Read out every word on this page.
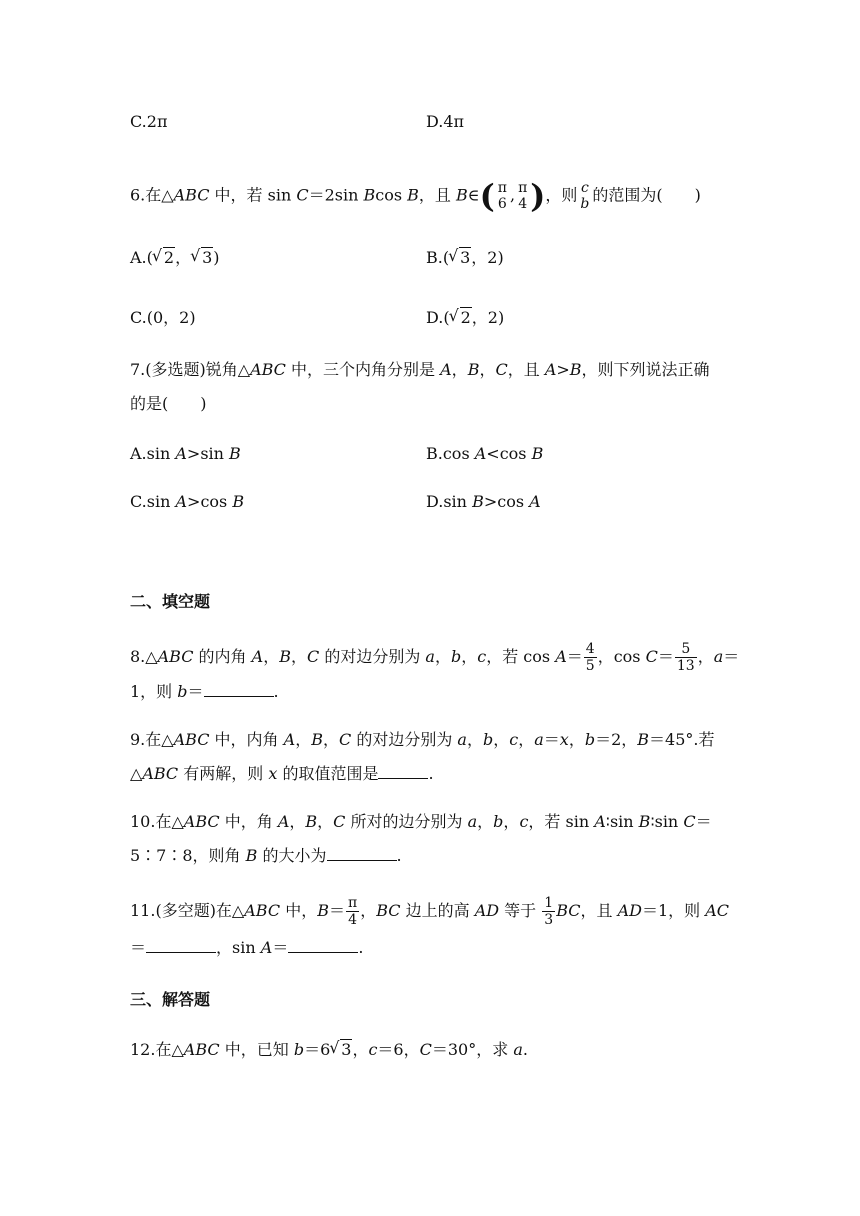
C.2π	D.4π
6.在△ABC 中，若 sin C＝2sin Bcos B，且 B∈( π
6 , π
4 )，则 c
b 的范围为( )
A.( √ 2， √ 3)	B.( √ 3，2)
C.(0，2)	D.( √ 2，2)
7.(多选题)锐角△ABC 中，三个内角分别是 A，B，C，且 A>B，则下列说法正确
的是( )
A.sin A>sin B	B.cos A<cos B
C.sin A>cos B	D.sin B>cos A
二、填空题
8.△ABC 的内角 A，B，C 的对边分别为 a，b，c，若 $\cos A= \frac{4}{5}$ ，$\cos C= \frac{5}{13}$ ，a＝
1，则 b＝	.
9.在△ABC 中，内角 A，B，C 的对边分别为 a，b，c，a＝x，b＝2，B＝45°.若
△ABC 有两解，则 x 的取值范围是	.
10.在△ABC 中，角 A，B，C 所对的边分别为 a，b，c，若 sin A∶sin B∶sin C＝
5∶7∶8，则角 B 的大小为	.
11.(多空题)在△ABC 中，$B= \frac{\pi}{4}$ ，BC 边上的高 AD 等于 $\frac{1}{3}$ BC，且 AD＝1，则 AC
＝	，sin A＝	.
三、解答题
12.在△ABC 中，已知 b＝6 √ 3，c＝6，C＝30°，求 a.
